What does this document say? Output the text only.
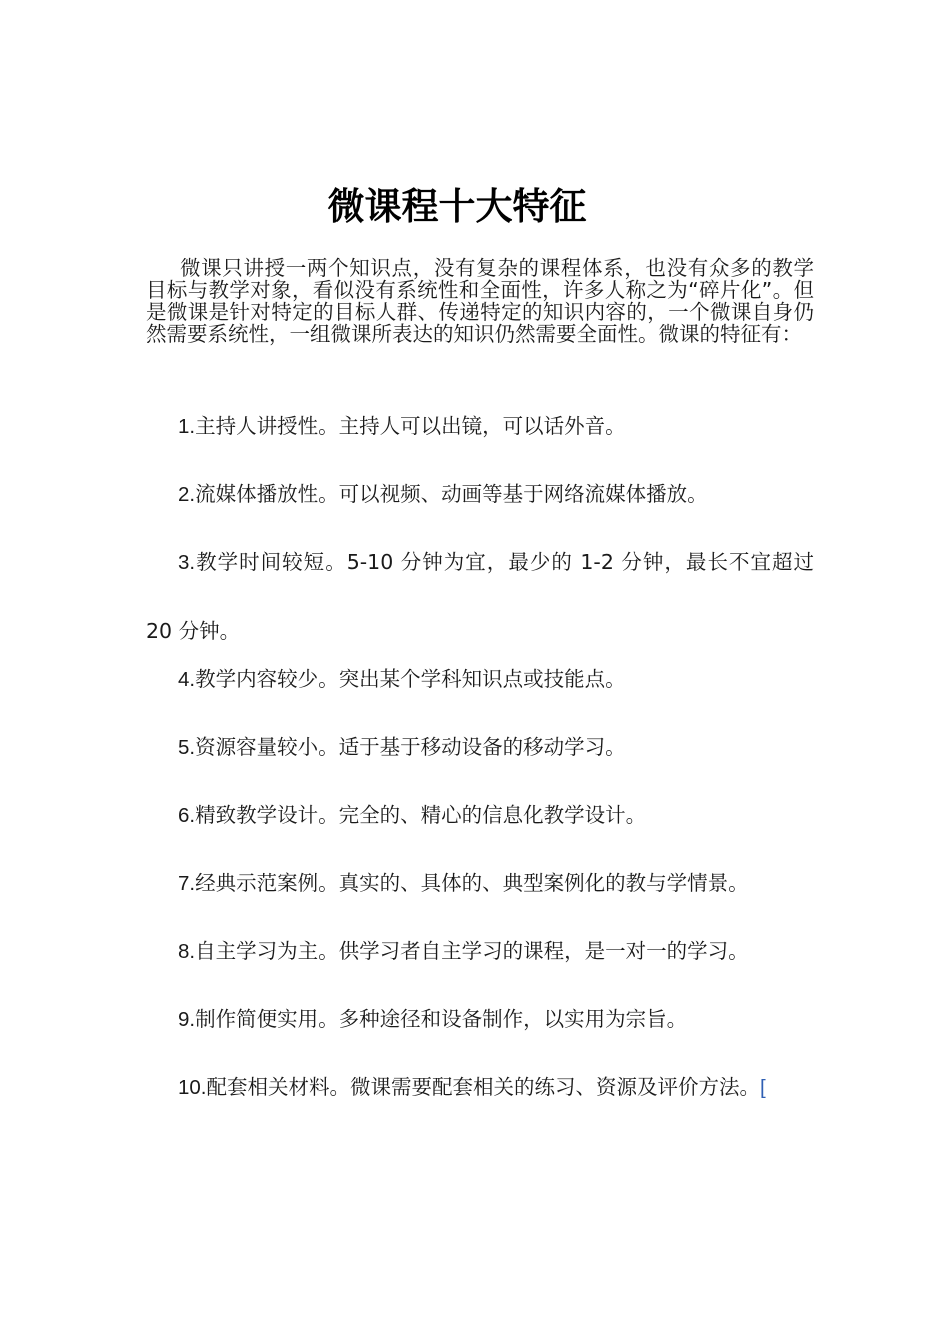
微课程十大特征
微课只讲授一两个知识点，没有复杂的课程体系，也没有众多的教学目标与教学对象，看似没有系统性和全面性，许多人称之为“碎片化”。但是微课是针对特定的目标人群、传递特定的知识内容的，一个微课自身仍然需要系统性，一组微课所表达的知识仍然需要全面性。微课的特征有：
1.主持人讲授性。主持人可以出镜，可以话外音。
2.流媒体播放性。可以视频、动画等基于网络流媒体播放。
3.教学时间较短。5-10 分钟为宜，最少的 1-2 分钟，最长不宜超过 20 分钟。
4.教学内容较少。突出某个学科知识点或技能点。
5.资源容量较小。适于基于移动设备的移动学习。
6.精致教学设计。完全的、精心的信息化教学设计。
7.经典示范案例。真实的、具体的、典型案例化的教与学情景。
8.自主学习为主。供学习者自主学习的课程，是一对一的学习。
9.制作简便实用。多种途径和设备制作，以实用为宗旨。
10.配套相关材料。微课需要配套相关的练习、资源及评价方法。[
